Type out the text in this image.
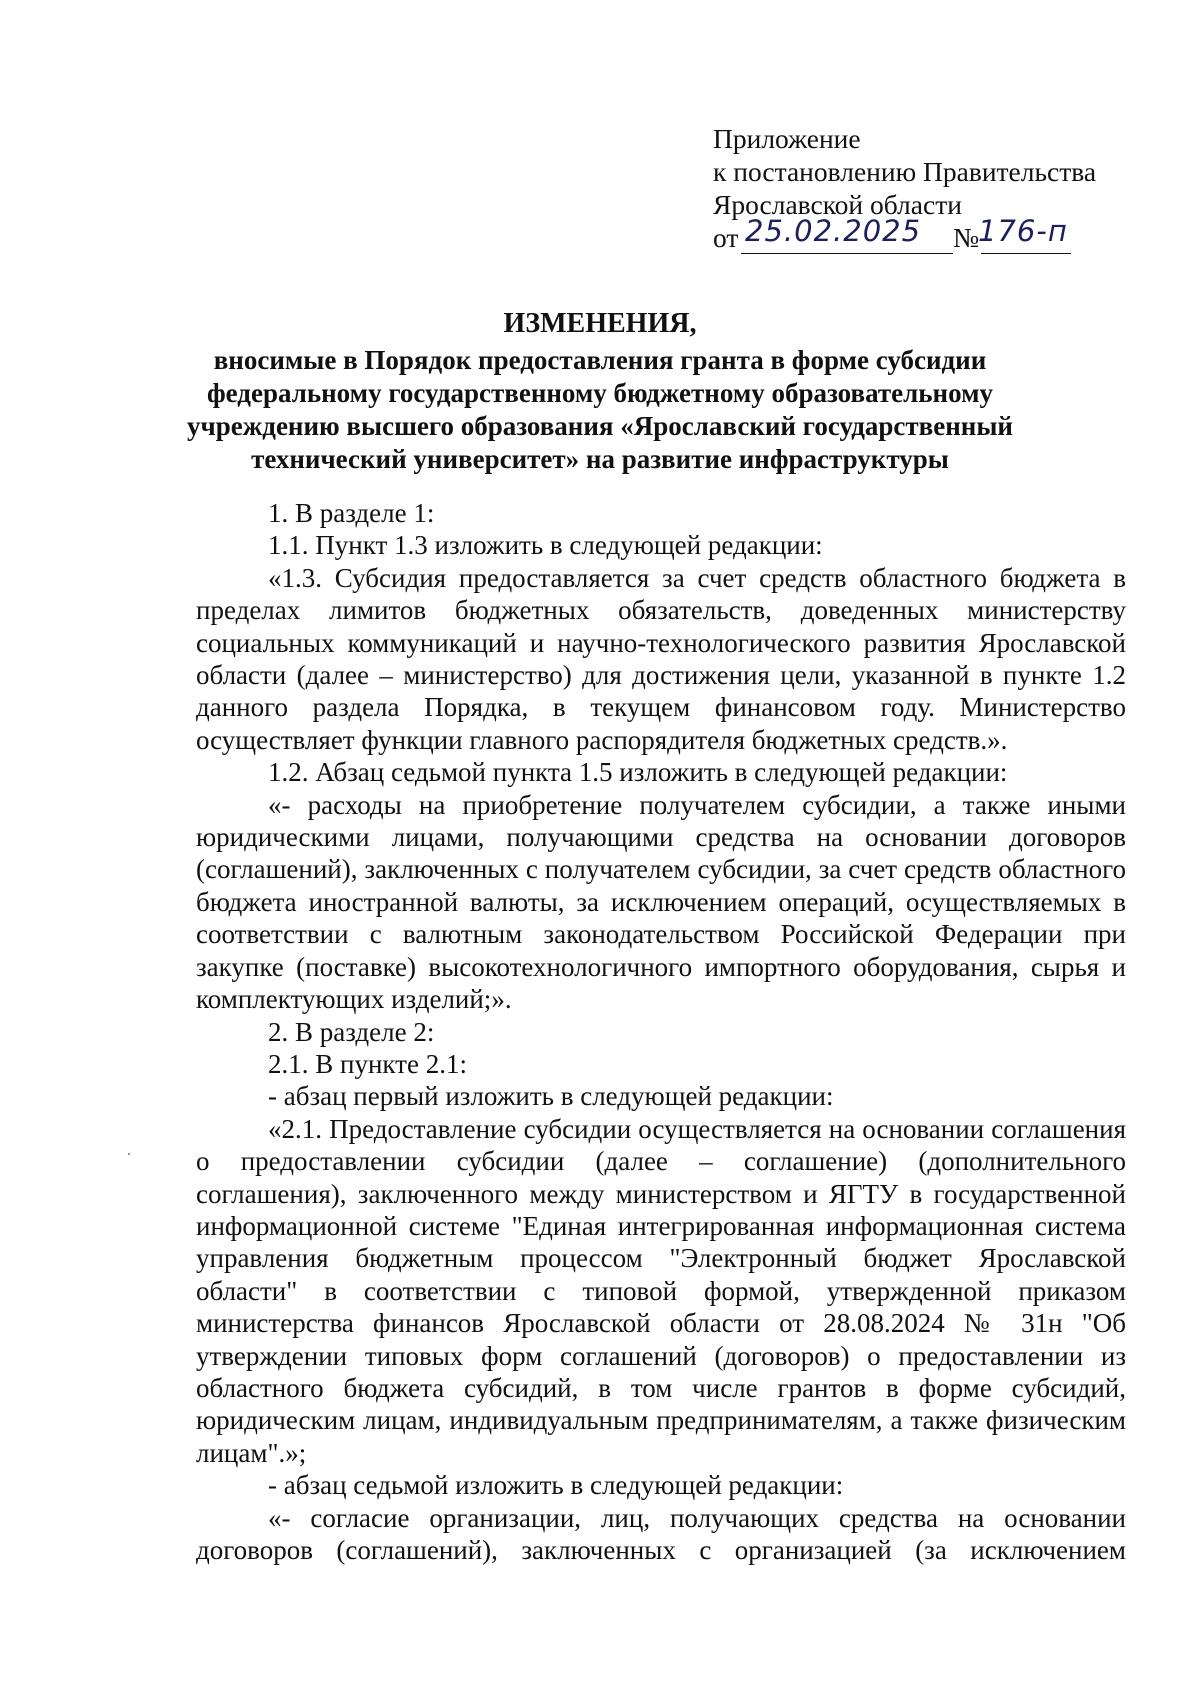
Приложение
к постановлению Правительства
Ярославской области
от 25.02.2025 №
176-п
ИЗМЕНЕНИЯ,
вносимые в Порядок предоставления гранта в форме субсидии
федеральному государственному бюджетному образовательному
учреждению высшего образования «Ярославский государственный
технический университет» на развитие инфраструктуры

1. В разделе 1:

1.1. Пункт 1.3 изложить в следующей редакции:

«1.3. Субсидия предоставляется за счет средств областного бюджета в пределах лимитов бюджетных обязательств, доведенных министерству социальных коммуникаций и научно-технологического развития Ярославской области (далее – министерство) для достижения цели, указанной в пункте 1.2 данного раздела Порядка, в текущем финансовом году. Министерство осуществляет функции главного распорядителя бюджетных средств.».

1.2. Абзац седьмой пункта 1.5 изложить в следующей редакции:

«- расходы на приобретение получателем субсидии, а также иными юридическими лицами, получающими средства на основании договоров (соглашений), заключенных с получателем субсидии, за счет средств областного бюджета иностранной валюты, за исключением операций, осуществляемых в соответствии с валютным законодательством Российской Федерации при закупке (поставке) высокотехнологичного импортного оборудования, сырья и комплектующих изделий;».

2. В разделе 2:

2.1. В пункте 2.1:

- абзац первый изложить в следующей редакции:

«2.1. Предоставление субсидии осуществляется на основании соглашения о предоставлении субсидии (далее – соглашение) (дополнительного соглашения), заключенного между министерством и ЯГТУ в государственной информационной системе "Единая интегрированная информационная система управления бюджетным процессом "Электронный бюджет Ярославской области" в соответствии с типовой формой, утвержденной приказом министерства финансов Ярославской области от 28.08.2024 № 31н "Об утверждении типовых форм соглашений (договоров) о предоставлении из областного бюджета субсидий, в том числе грантов в форме субсидий, юридическим лицам, индивидуальным предпринимателям, а также физическим лицам".»;

- абзац седьмой изложить в следующей редакции:

«- согласие организации, лиц, получающих средства на основании договоров (соглашений), заключенных с организацией (за исключением
